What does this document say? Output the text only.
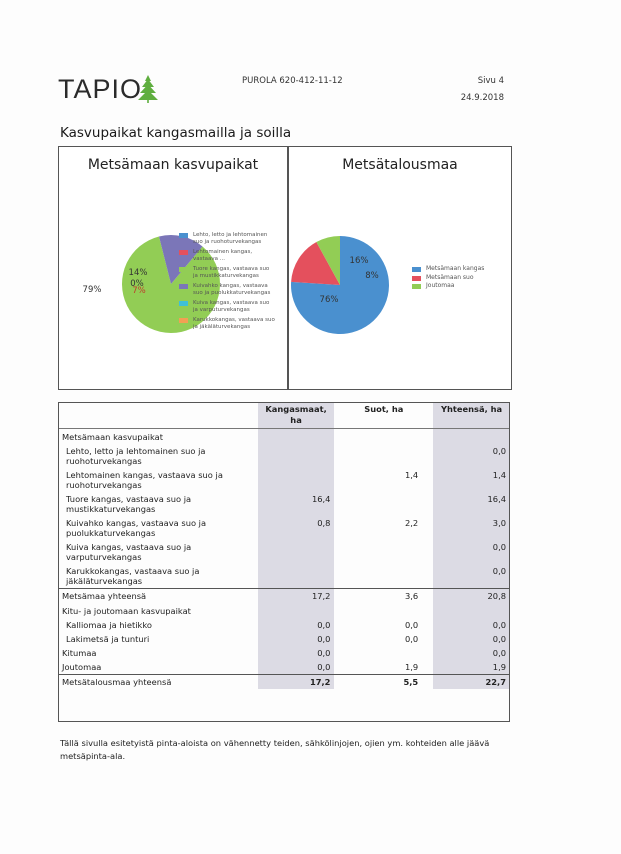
TAPIO	PUROLA 620-412-11-12	Sivu 4
24.9.2018
Kasvupaikat kangasmailla ja soilla
Metsämaan kasvupaikat
79%
14%
0%
7%
Lehto, letto ja lehtomainen suo ja ruohoturvekangas
Lehtomainen kangas, vastaava ...
Tuore kangas, vastaava suo ja mustikkaturvekangas
Kuivahko kangas, vastaava suo ja puolukkaturvekangas
Kuiva kangas, vastaava suo ja varputurvekangas
Karukkokangas, vastaava suo ja jäkäläturvekangas
Metsätalousmaa
76%
16%
8%
Metsämaan kangas
Metsämaan suo
Joutomaa
	Kangasmaat, ha		Suot, ha		Yhteensä, ha
Metsämaan kasvupaikat					
Lehto, letto ja lehtomainen suo ja ruohoturvekangas					0,0
Lehtomainen kangas, vastaava suo ja ruohoturvekangas			1,4		1,4
Tuore kangas, vastaava suo ja mustikkaturvekangas	16,4				16,4
Kuivahko kangas, vastaava suo ja puolukkaturvekangas	0,8		2,2		3,0
Kuiva kangas, vastaava suo ja varputurvekangas					0,0
Karukkokangas, vastaava suo ja jäkäläturvekangas					0,0
Metsämaa yhteensä	17,2		3,6		20,8
Kitu- ja joutomaan kasvupaikat					
Kalliomaa ja hietikko	0,0		0,0		0,0
Lakimetsä ja tunturi	0,0		0,0		0,0
Kitumaa	0,0				0,0
Joutomaa	0,0		1,9		1,9
Metsätalousmaa yhteensä	17,2		5,5		22,7
Tällä sivulla esitetyistä pinta-aloista on vähennetty teiden, sähkölinjojen, ojien ym. kohteiden alle jäävä metsäpinta-ala.
